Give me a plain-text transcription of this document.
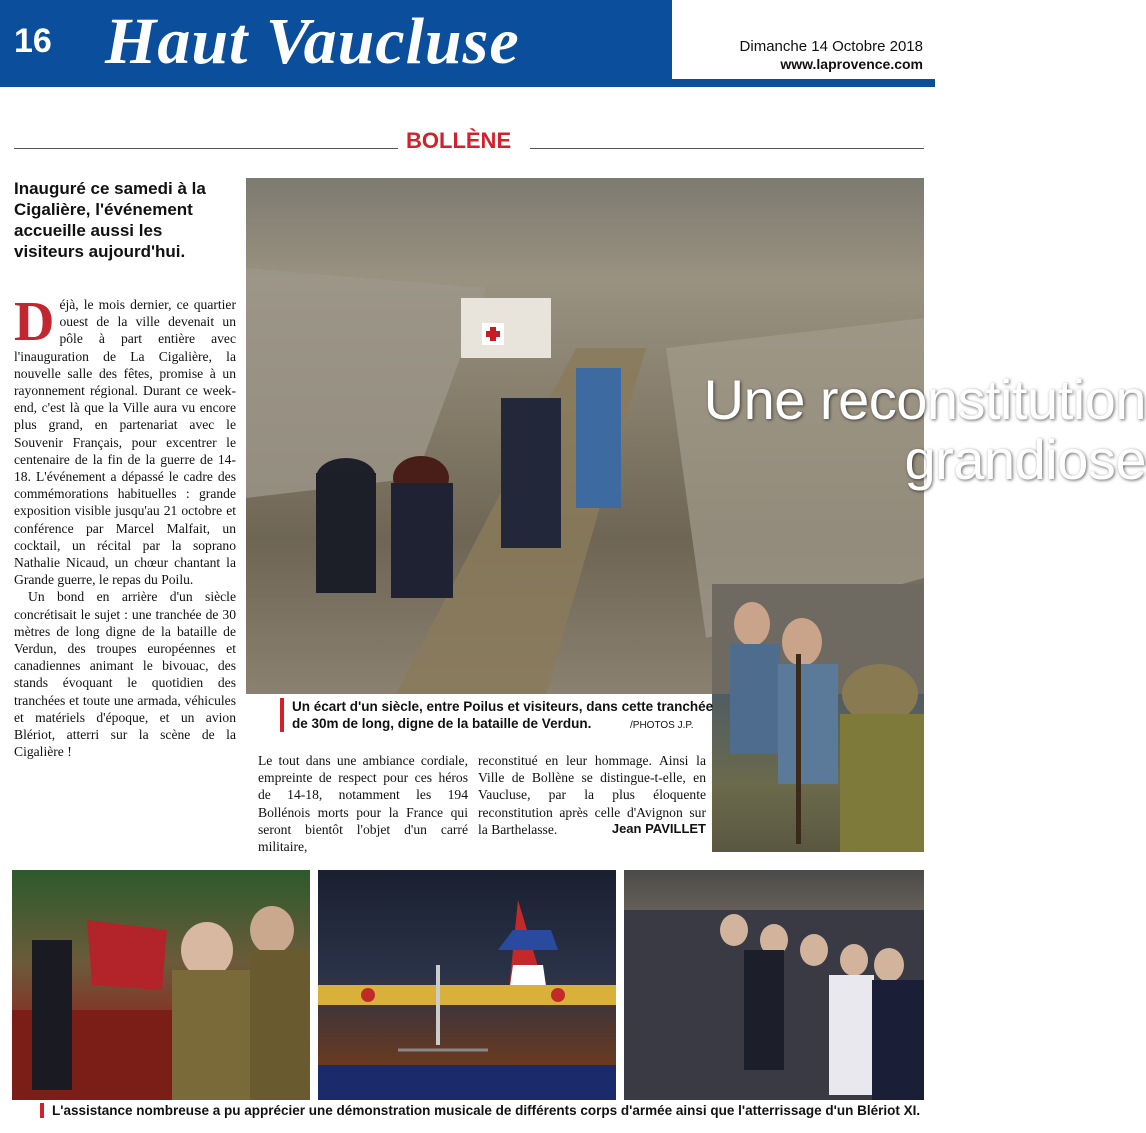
16 Haut Vaucluse	Dimanche 14 Octobre 2018
www.laprovence.com
BOLLÈNE
Inauguré ce samedi à la Cigalière, l'événement accueille aussi les visiteurs aujourd'hui.

Déjà, le mois dernier, ce quartier ouest de la ville devenait un pôle à part entière avec l'inauguration de La Cigalière, la nouvelle salle des fêtes, promise à un rayonnement régional. Durant ce week-end, c'est là que la Ville aura vu encore plus grand, en partenariat avec le Souvenir Français, pour excentrer le centenaire de la fin de la guerre de 14-18. L'événement a dépassé le cadre des commémorations habituelles : grande exposition visible jusqu'au 21 octobre et conférence par Marcel Malfait, un cocktail, un récital par la soprano Nathalie Nicaud, un chœur chantant la Grande guerre, le repas du Poilu.

Un bond en arrière d'un siècle concrétisait le sujet : une tranchée de 30 mètres de long digne de la bataille de Verdun, des troupes européennes et canadiennes animant le bivouac, des stands évoquant le quotidien des tranchées et toute une armada, véhicules et matériels d'époque, et un avion Blériot, atterri sur la scène de la Cigalière !

Une reconstitution
grandiose
Un écart d'un siècle, entre Poilus et visiteurs, dans cette tranchée de 30m de long, digne de la bataille de Verdun.	/PHOTOS J.P.
Le tout dans une ambiance cordiale, empreinte de respect pour ces héros de 14-18, notamment les 194 Bollénois morts pour la France qui seront bientôt l'objet d'un carré militaire,
reconstitué en leur hommage. Ainsi la Ville de Bollène se distingue-t-elle, en Vaucluse, par la plus éloquente reconstitution après celle d'Avignon sur la Barthelasse.	Jean PAVILLET
L'assistance nombreuse a pu apprécier une démonstration musicale de différents corps d'armée ainsi que l'atterrissage d'un Blériot XI.
